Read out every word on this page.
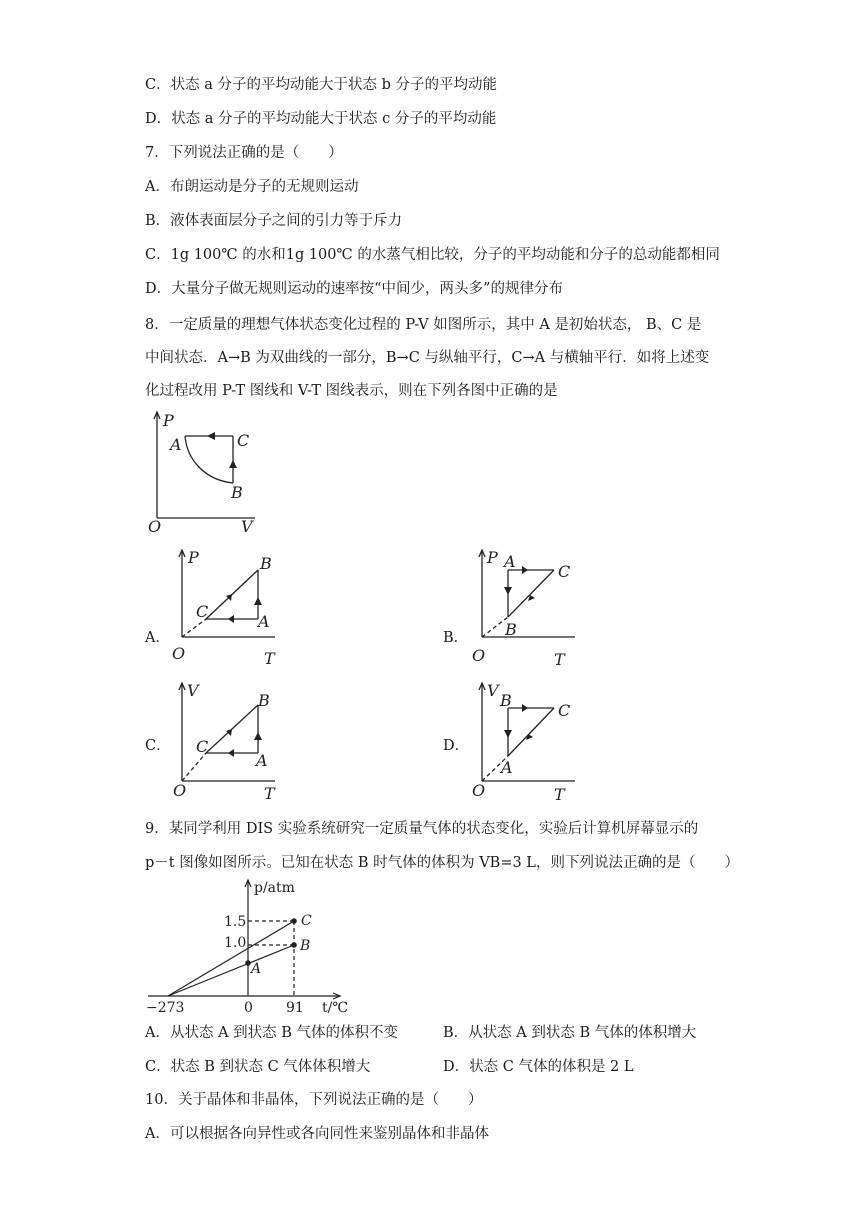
C．状态 a 分子的平均动能大于状态 b 分子的平均动能
D．状态 a 分子的平均动能大于状态 c 分子的平均动能
7．下列说法正确的是（　　）
A．布朗运动是分子的无规则运动
B．液体表面层分子之间的引力等于斥力
C．1g 100℃ 的水和1g 100℃ 的水蒸气相比较，分子的平均动能和分子的总动能都相同
D．大量分子做无规则运动的速率按“中间少，两头多”的规律分布
8．一定质量的理想气体状态变化过程的 P-V 如图所示，其中 A 是初始状态， B、C 是
中间状态．A→B 为双曲线的一部分，B→C 与纵轴平行，C→A 与横轴平行．如将上述变
化过程改用 P-T 图线和 V-T 图线表示，则在下列各图中正确的是
P
A	C
B
O	V
A．
P	B
C
A
O	T
B．
P A
C
B
O	T
C．
V
B
C
A
O	T
D．
V
B
C
A
O	T
9．某同学利用 DIS 实验系统研究一定质量气体的状态变化，实验后计算机屏幕显示的
p－t 图像如图所示。已知在状态 B 时气体的体积为 VB=3 L，则下列说法正确的是（　　）
p/atm
1.5
1.0
−273	0 91 t/℃
C
B
A
A．从状态 A 到状态 B 气体的体积不变	B．从状态 A 到状态 B 气体的体积增大
C．状态 B 到状态 C 气体体积增大	D．状态 C 气体的体积是 2 L
10．关于晶体和非晶体，下列说法正确的是（　　）
A．可以根据各向异性或各向同性来鉴别晶体和非晶体
